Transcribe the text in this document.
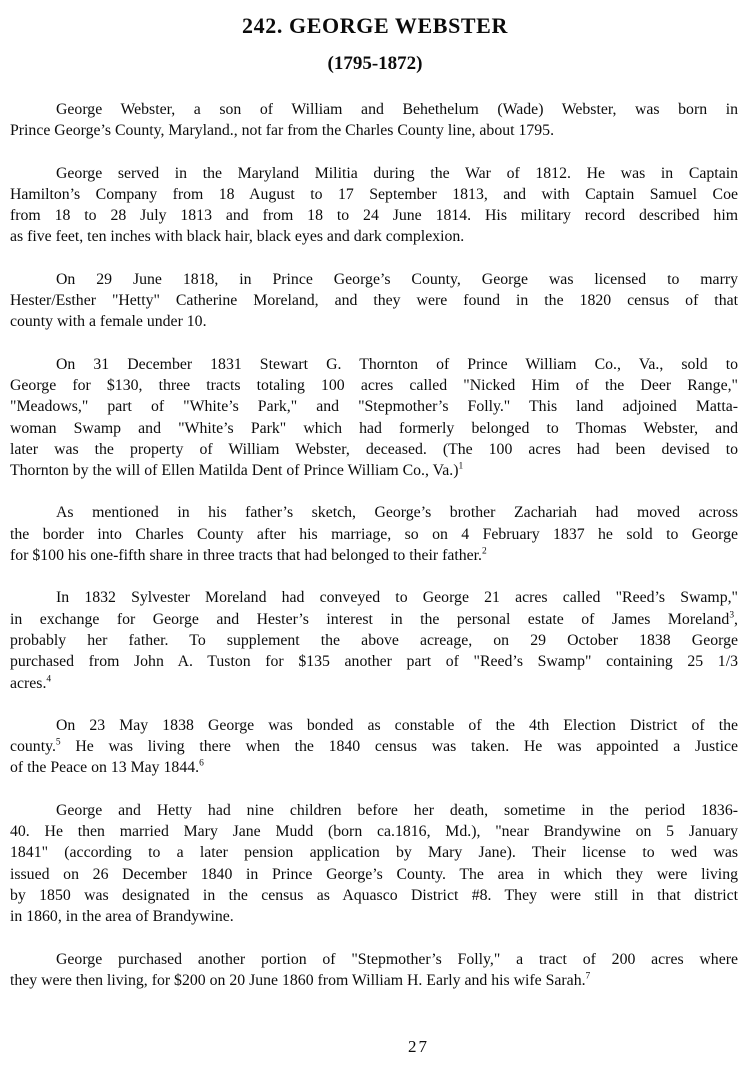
242. GEORGE WEBSTER
(1795-1872)
George Webster, a son of William and Behethelum (Wade) Webster, was born in
Prince George’s County, Maryland., not far from the Charles County line, about 1795.
George served in the Maryland Militia during the War of 1812. He was in Captain
Hamilton’s Company from 18 August to 17 September 1813, and with Captain Samuel Coe
from 18 to 28 July 1813 and from 18 to 24 June 1814. His military record described him
as five feet, ten inches with black hair, black eyes and dark complexion.
On 29 June 1818, in Prince George’s County, George was licensed to marry
Hester/Esther "Hetty" Catherine Moreland, and they were found in the 1820 census of that
county with a female under 10.
On 31 December 1831 Stewart G. Thornton of Prince William Co., Va., sold to
George for $130, three tracts totaling 100 acres called "Nicked Him of the Deer Range,"
"Meadows," part of "White’s Park," and "Stepmother’s Folly." This land adjoined Matta-
woman Swamp and "White’s Park" which had formerly belonged to Thomas Webster, and
later was the property of William Webster, deceased. (The 100 acres had been devised to
Thornton by the will of Ellen Matilda Dent of Prince William Co., Va.)$^1$
As mentioned in his father’s sketch, George’s brother Zachariah had moved across
the border into Charles County after his marriage, so on 4 February 1837 he sold to George
for $100 his one-fifth share in three tracts that had belonged to their father.$^2$
In 1832 Sylvester Moreland had conveyed to George 21 acres called "Reed’s Swamp,"
in exchange for George and Hester’s interest in the personal estate of James Moreland$^3$,
probably her father. To supplement the above acreage, on 29 October 1838 George
purchased from John A. Tuston for $135 another part of "Reed’s Swamp" containing 25 1/3
acres.$^4$
On 23 May 1838 George was bonded as constable of the 4th Election District of the
county.$^5$ He was living there when the 1840 census was taken. He was appointed a Justice
of the Peace on 13 May 1844.$^6$
George and Hetty had nine children before her death, sometime in the period 1836-
40. He then married Mary Jane Mudd (born ca.1816, Md.), "near Brandywine on 5 January
1841" (according to a later pension application by Mary Jane). Their license to wed was
issued on 26 December 1840 in Prince George’s County. The area in which they were living
by 1850 was designated in the census as Aquasco District #8. They were still in that district
in 1860, in the area of Brandywine.
George purchased another portion of "Stepmother’s Folly," a tract of 200 acres where
they were then living, for $200 on 20 June 1860 from William H. Early and his wife Sarah.$^7$
27
